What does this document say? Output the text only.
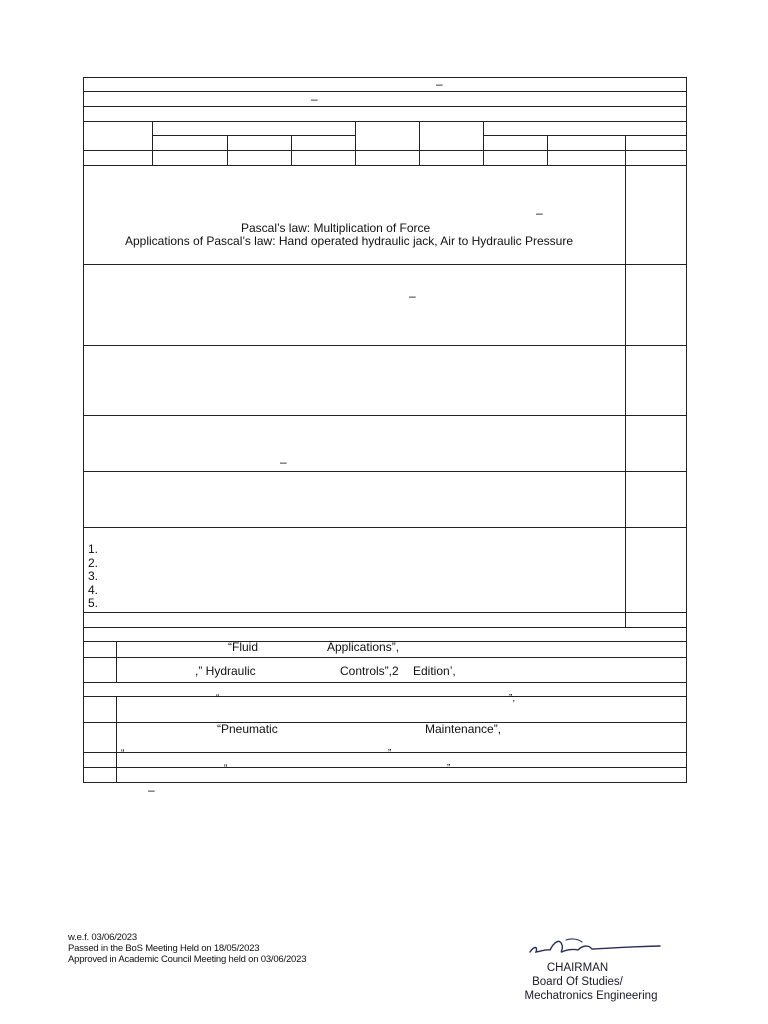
–
–
–
Pascal’s law: Multiplication of Force
Applications of Pascal’s law: Hand operated hydraulic jack, Air to Hydraulic Pressure
–
–
1.
2.
3.
4.
5.
“Fluid	Applications”,
,” Hydraulic	Controls”,2 Edition’,
“	”,
“Pneumatic	Maintenance”,
“	”
“	”
–
w.e.f. 03/06/2023
Passed in the BoS Meeting Held on 18/05/2023
Approved in Academic Council Meeting held on 03/06/2023
CHAIRMAN
Board Of Studies/
Mechatronics Engineering
